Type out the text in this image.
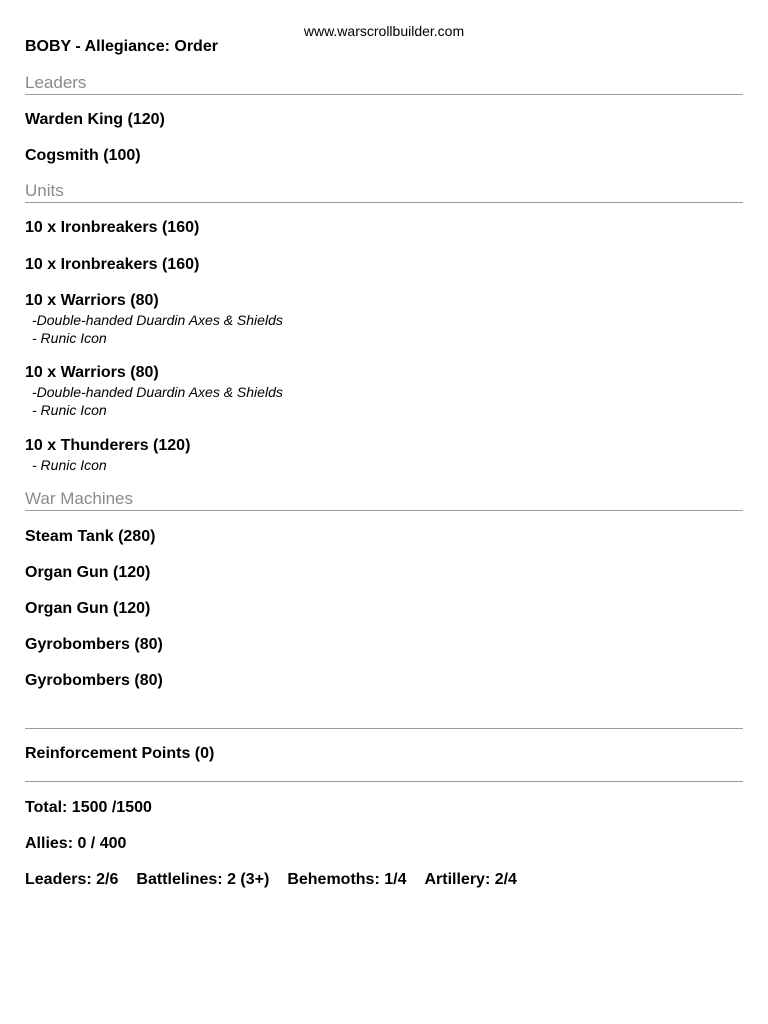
www.warscrollbuilder.com
BOBY - Allegiance: Order
Leaders
Warden King (120)
Cogsmith (100)
Units
10 x Ironbreakers (160)
10 x Ironbreakers (160)
10 x Warriors (80)
-Double-handed Duardin Axes & Shields
- Runic Icon
10 x Warriors (80)
-Double-handed Duardin Axes & Shields
- Runic Icon
10 x Thunderers (120)
- Runic Icon
War Machines
Steam Tank (280)
Organ Gun (120)
Organ Gun (120)
Gyrobombers (80)
Gyrobombers (80)
Reinforcement Points (0)
Total: 1500 /1500
Allies: 0 / 400
Leaders: 2/6 Battlelines: 2 (3+) Behemoths: 1/4 Artillery: 2/4
